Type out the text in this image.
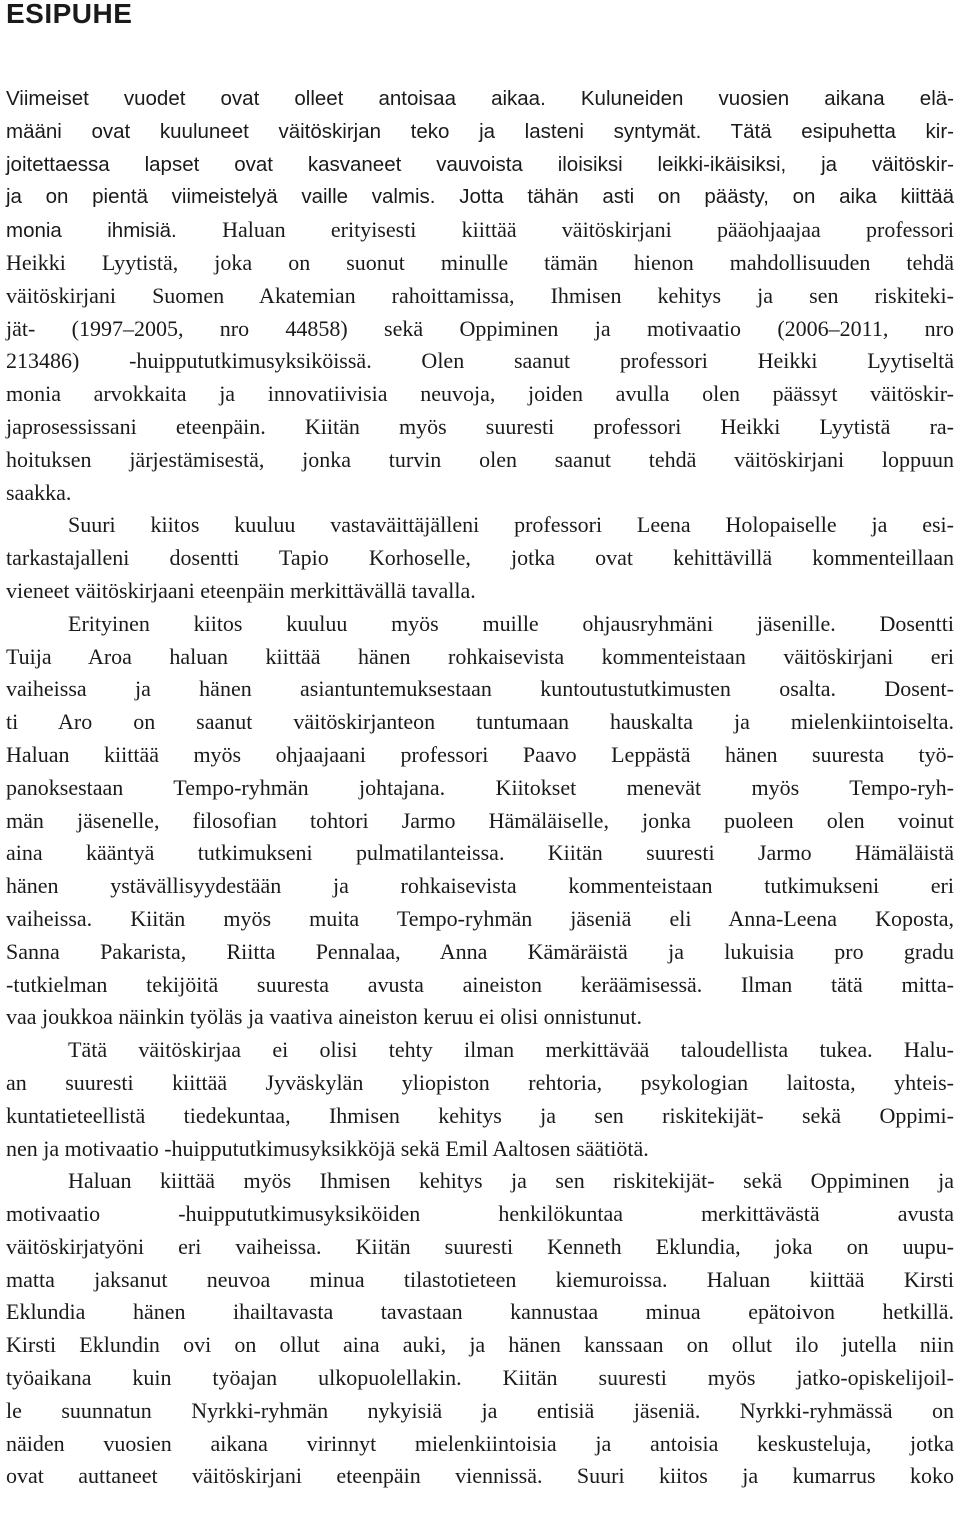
ESIPUHE
Viimeiset vuodet ovat olleet antoisaa aikaa. Kuluneiden vuosien aikana elä-
määni ovat kuuluneet väitöskirjan teko ja lasteni syntymät. Tätä esipuhetta kir-
joitettaessa lapset ovat kasvaneet vauvoista iloisiksi leikki-ikäisiksi, ja väitöskir-
ja on pientä viimeistelyä vaille valmis. Jotta tähän asti on päästy, on aika kiittää
monia ihmisiä. Haluan erityisesti kiittää väitöskirjani pääohjaajaa professori
Heikki Lyytistä, joka on suonut minulle tämän hienon mahdollisuuden tehdä
väitöskirjani Suomen Akatemian rahoittamissa, Ihmisen kehitys ja sen riskiteki-
jät- (1997–2005, nro 44858) sekä Oppiminen ja motivaatio (2006–2011, nro
213486) -huippututkimusyksiköissä. Olen saanut professori Heikki Lyytiseltä
monia arvokkaita ja innovatiivisia neuvoja, joiden avulla olen päässyt väitöskir-
japrosessissani eteenpäin. Kiitän myös suuresti professori Heikki Lyytistä ra-
hoituksen järjestämisestä, jonka turvin olen saanut tehdä väitöskirjani loppuun
saakka.
Suuri kiitos kuuluu vastaväittäjälleni professori Leena Holopaiselle ja esi-
tarkastajalleni dosentti Tapio Korhoselle, jotka ovat kehittävillä kommenteillaan
vieneet väitöskirjaani eteenpäin merkittävällä tavalla.
Erityinen kiitos kuuluu myös muille ohjausryhmäni jäsenille. Dosentti
Tuija Aroa haluan kiittää hänen rohkaisevista kommenteistaan väitöskirjani eri
vaiheissa ja hänen asiantuntemuksestaan kuntoutustutkimusten osalta. Dosent-
ti Aro on saanut väitöskirjanteon tuntumaan hauskalta ja mielenkiintoiselta.
Haluan kiittää myös ohjaajaani professori Paavo Leppästä hänen suuresta työ-
panoksestaan Tempo-ryhmän johtajana. Kiitokset menevät myös Tempo-ryh-
män jäsenelle, filosofian tohtori Jarmo Hämäläiselle, jonka puoleen olen voinut
aina kääntyä tutkimukseni pulmatilanteissa. Kiitän suuresti Jarmo Hämäläistä
hänen ystävällisyydestään ja rohkaisevista kommenteistaan tutkimukseni eri
vaiheissa. Kiitän myös muita Tempo-ryhmän jäseniä eli Anna-Leena Koposta,
Sanna Pakarista, Riitta Pennalaa, Anna Kämäräistä ja lukuisia pro gradu
-tutkielman tekijöitä suuresta avusta aineiston keräämisessä. Ilman tätä mitta-
vaa joukkoa näinkin työläs ja vaativa aineiston keruu ei olisi onnistunut.
Tätä väitöskirjaa ei olisi tehty ilman merkittävää taloudellista tukea. Halu-
an suuresti kiittää Jyväskylän yliopiston rehtoria, psykologian laitosta, yhteis-
kuntatieteellistä tiedekuntaa, Ihmisen kehitys ja sen riskitekijät- sekä Oppimi-
nen ja motivaatio -huippututkimusyksikköjä sekä Emil Aaltosen säätiötä.
Haluan kiittää myös Ihmisen kehitys ja sen riskitekijät- sekä Oppiminen ja
motivaatio -huippututkimusyksiköiden henkilökuntaa merkittävästä avusta
väitöskirjatyöni eri vaiheissa. Kiitän suuresti Kenneth Eklundia, joka on uupu-
matta jaksanut neuvoa minua tilastotieteen kiemuroissa. Haluan kiittää Kirsti
Eklundia hänen ihailtavasta tavastaan kannustaa minua epätoivon hetkillä.
Kirsti Eklundin ovi on ollut aina auki, ja hänen kanssaan on ollut ilo jutella niin
työaikana kuin työajan ulkopuolellakin. Kiitän suuresti myös jatko-opiskelijoil-
le suunnatun Nyrkki-ryhmän nykyisiä ja entisiä jäseniä. Nyrkki-ryhmässä on
näiden vuosien aikana virinnyt mielenkiintoisia ja antoisia keskusteluja, jotka
ovat auttaneet väitöskirjani eteenpäin viennissä. Suuri kiitos ja kumarrus koko
